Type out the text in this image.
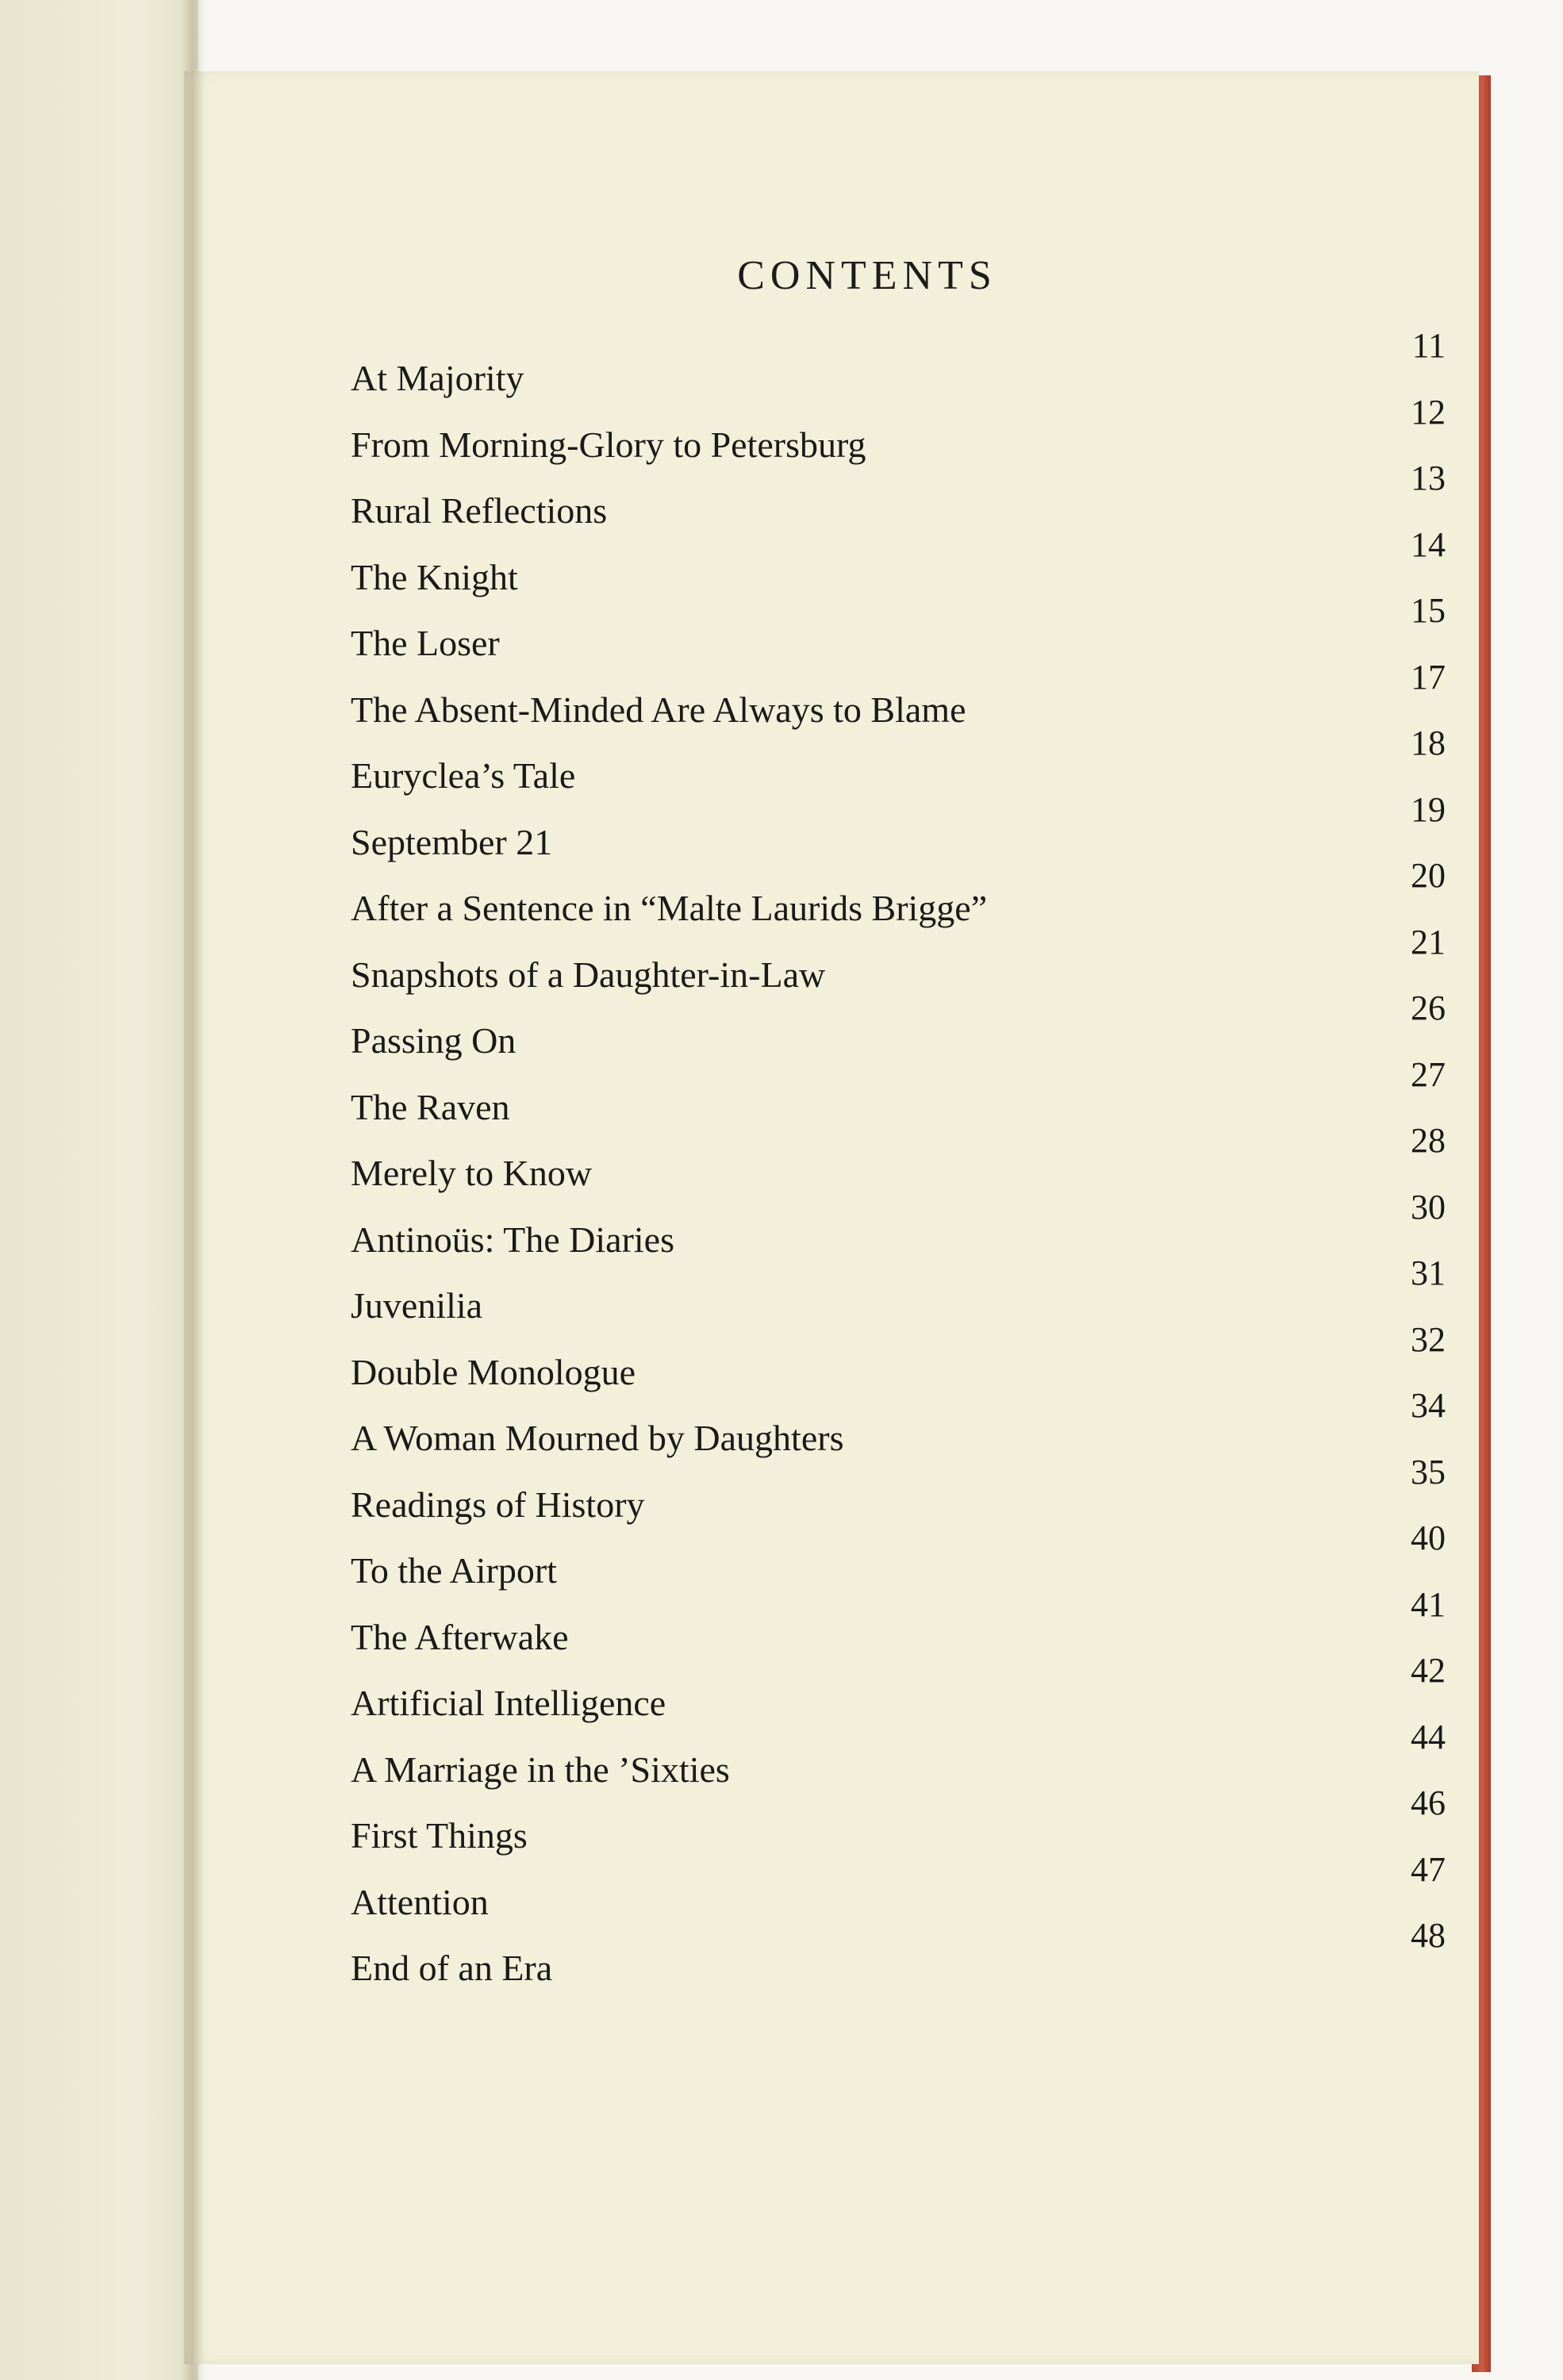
CONTENTS
At Majority
11
From Morning-Glory to Petersburg
12
Rural Reflections
13
The Knight
14
The Loser
15
The Absent-Minded Are Always to Blame
17
Euryclea’s Tale
18
September 21
19
After a Sentence in “Malte Laurids Brigge”
20
Snapshots of a Daughter-in-Law
21
Passing On
26
The Raven
27
Merely to Know
28
Antinoüs: The Diaries
30
Juvenilia
31
Double Monologue
32
A Woman Mourned by Daughters
34
Readings of History
35
To the Airport
40
The Afterwake
41
Artificial Intelligence
42
A Marriage in the ’Sixties
44
First Things
46
Attention
47
End of an Era
48
